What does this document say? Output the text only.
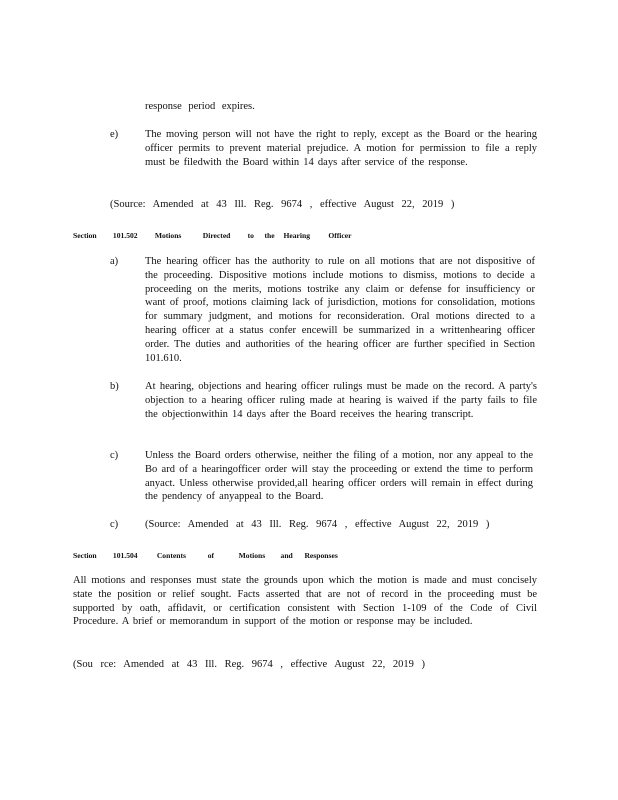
response period expires.
e)	The moving person will not have the right to reply, except as the Board or the hearing officer permits to prevent material prejudice. A motion for permission to file a reply must be filedwith the Board within 14 days after service of the response.
(Source: Amended at 43 Ill. Reg. 9674 , effective August 22, 2019 )
Section 101.502 Motions	Directed to the Hearing Officer
a)	The hearing officer has the authority to rule on all motions that are not dispositive of the proceeding. Dispositive motions include motions to dismiss, motions to decide a proceeding on the merits, motions tostrike any claim or defense for insufficiency or want of proof, motions claiming lack of jurisdiction, motions for consolidation, motions for summary judgment, and motions for reconsideration. Oral motions directed to a hearing officer at a status confer encewill be summarized in a writtenhearing officer order. The duties and authorities of the hearing officer are further specified in Section 101.610.
b)	At hearing, objections and hearing officer rulings must be made on the record. A party's objection to a hearing officer ruling made at hearing is waived if the party fails to file the objectionwithin 14 days after the Board receives the hearing transcript.
c)	Unless the Board orders otherwise, neither the filing of a motion, nor any appeal to the Bo ard of a hearingofficer order will stay the proceeding or extend the time to perform anyact. Unless otherwise provided,all hearing officer orders will remain in effect during the pendency of anyappeal to the Board.
c)	(Source: Amended at 43 Ill. Reg. 9674 , effective August 22, 2019 )
Section 101.504	Contents	of	Motions and Responses
All motions and responses must state the grounds upon which the motion is made and must concisely state the position or relief sought. Facts asserted that are not of record in the proceeding must be supported by oath, affidavit, or certification consistent with Section 1-109 of the Code of Civil Procedure. A brief or memorandum in support of the motion or response may be included.
(Sou rce: Amended at 43 Ill. Reg. 9674 , effective August 22, 2019 )
